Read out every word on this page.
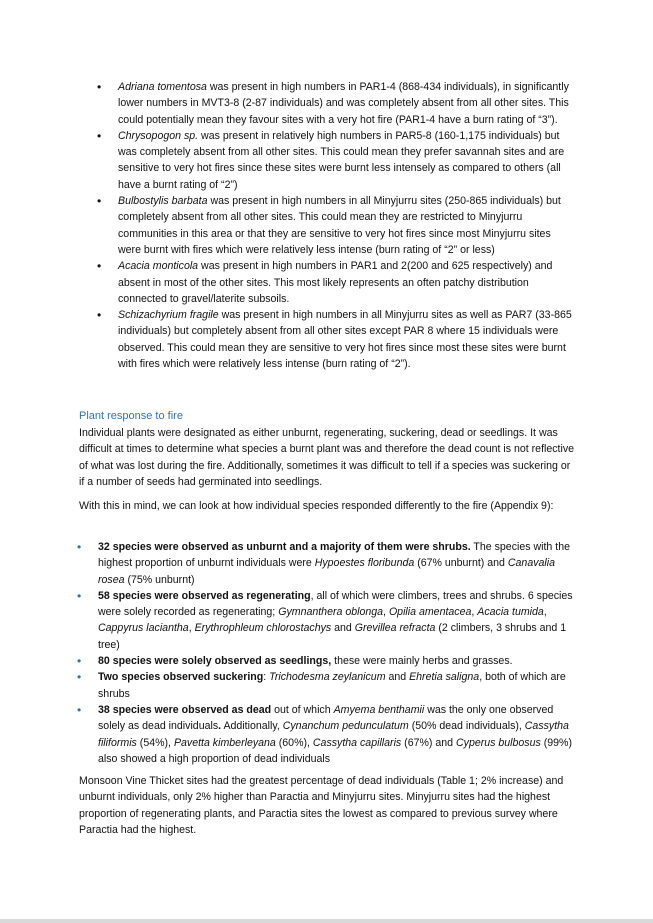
• Adriana tomentosa was present in high numbers in PAR1-4 (868-434 individuals), in significantly lower numbers in MVT3-8 (2-87 individuals) and was completely absent from all other sites. This could potentially mean they favour sites with a very hot fire (PAR1-4 have a burn rating of “3”).
• Chrysopogon sp. was present in relatively high numbers in PAR5-8 (160-1,175 individuals) but was completely absent from all other sites. This could mean they prefer savannah sites and are sensitive to very hot fires since these sites were burnt less intensely as compared to others (all have a burnt rating of “2”)
• Bulbostylis barbata was present in high numbers in all Minyjurru sites (250-865 individuals) but completely absent from all other sites. This could mean they are restricted to Minyjurru communities in this area or that they are sensitive to very hot fires since most Minyjurru sites were burnt with fires which were relatively less intense (burn rating of “2” or less)
• Acacia monticola was present in high numbers in PAR1 and 2(200 and 625 respectively) and absent in most of the other sites. This most likely represents an often patchy distribution connected to gravel/laterite subsoils.
• Schizachyrium fragile was present in high numbers in all Minyjurru sites as well as PAR7 (33-865 individuals) but completely absent from all other sites except PAR 8 where 15 individuals were observed. This could mean they are sensitive to very hot fires since most these sites were burnt with fires which were relatively less intense (burn rating of “2”).
Plant response to fire
Individual plants were designated as either unburnt, regenerating, suckering, dead or seedlings. It was difficult at times to determine what species a burnt plant was and therefore the dead count is not reflective of what was lost during the fire. Additionally, sometimes it was difficult to tell if a species was suckering or if a number of seeds had germinated into seedlings.
With this in mind, we can look at how individual species responded differently to the fire (Appendix 9):
• 32 species were observed as unburnt and a majority of them were shrubs. The species with the highest proportion of unburnt individuals were Hypoestes floribunda (67% unburnt) and Canavalia rosea (75% unburnt)
• 58 species were observed as regenerating, all of which were climbers, trees and shrubs. 6 species were solely recorded as regenerating; Gymnanthera oblonga, Opilia amentacea, Acacia tumida, Cappyrus laciantha, Erythrophleum chlorostachys and Grevillea refracta (2 climbers, 3 shrubs and 1 tree)
• 80 species were solely observed as seedlings, these were mainly herbs and grasses.
• Two species observed suckering: Trichodesma zeylanicum and Ehretia saligna, both of which are shrubs
• 38 species were observed as dead out of which Amyema benthamii was the only one observed solely as dead individuals. Additionally, Cynanchum pedunculatum (50% dead individuals), Cassytha filiformis (54%), Pavetta kimberleyana (60%), Cassytha capillaris (67%) and Cyperus bulbosus (99%) also showed a high proportion of dead individuals
Monsoon Vine Thicket sites had the greatest percentage of dead individuals (Table 1; 2% increase) and unburnt individuals, only 2% higher than Paractia and Minyjurru sites. Minyjurru sites had the highest proportion of regenerating plants, and Paractia sites the lowest as compared to previous survey where Paractia had the highest.
